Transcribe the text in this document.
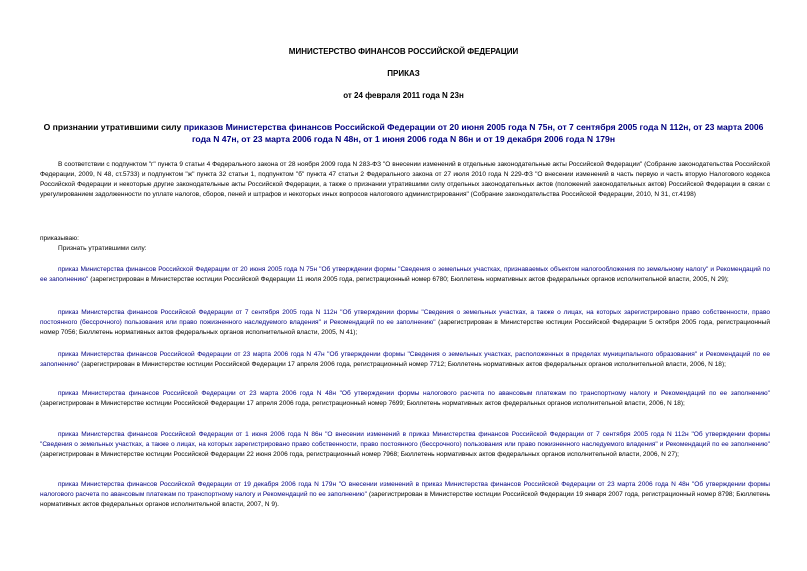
МИНИСТЕРСТВО ФИНАНСОВ РОССИЙСКОЙ ФЕДЕРАЦИИ
ПРИКАЗ
от 24 февраля 2011 года N 23н
О признании утратившими силу приказов Министерства финансов Российской Федерации от 20 июня 2005 года N 75н, от 7 сентября 2005 года N 112н, от 23 марта 2006 года N 47н, от 23 марта 2006 года N 48н, от 1 июня 2006 года N 86н и от 19 декабря 2006 года N 179н
В соответствии с подпунктом "г" пункта 9 статьи 4 Федерального закона от 28 ноября 2009 года N 283-ФЗ "О внесении изменений в отдельные законодательные акты Российской Федерации" (Собрание законодательства Российской Федерации, 2009, N 48, ст.5733) и подпунктом "ж" пункта 32 статьи 1, подпунктом "б" пункта 47 статьи 2 Федерального закона от 27 июля 2010 года N 229-ФЗ "О внесении изменений в часть первую и часть вторую Налогового кодекса Российской Федерации и некоторые другие законодательные акты Российской Федерации, а также о признании утратившими силу отдельных законодательных актов (положений законодательных актов) Российской Федерации в связи с урегулированием задолженности по уплате налогов, сборов, пеней и штрафов и некоторых иных вопросов налогового администрирования" (Собрание законодательства Российской Федерации, 2010, N 31, ст.4198)
приказываю:
Признать утратившими силу:
приказ Министерства финансов Российской Федерации от 20 июня 2005 года N 75н "Об утверждении формы "Сведения о земельных участках, признаваемых объектом налогообложения по земельному налогу" и Рекомендаций по ее заполнению" (зарегистрирован в Министерстве юстиции Российской Федерации 11 июля 2005 года, регистрационный номер 6780; Бюллетень нормативных актов федеральных органов исполнительной власти, 2005, N 29);
приказ Министерства финансов Российской Федерации от 7 сентября 2005 года N 112н "Об утверждении формы "Сведения о земельных участках, а также о лицах, на которых зарегистрировано право собственности, право постоянного (бессрочного) пользования или право пожизненного наследуемого владения" и Рекомендаций по ее заполнению" (зарегистрирован в Министерстве юстиции Российской Федерации 5 октября 2005 года, регистрационный номер 7056; Бюллетень нормативных актов федеральных органов исполнительной власти, 2005, N 41);
приказ Министерства финансов Российской Федерации от 23 марта 2006 года N 47н "Об утверждении формы "Сведения о земельных участках, расположенных в пределах муниципального образования" и Рекомендаций по ее заполнению" (зарегистрирован в Министерстве юстиции Российской Федерации 17 апреля 2006 года, регистрационный номер 7712; Бюллетень нормативных актов федеральных органов исполнительной власти, 2006, N 18);
приказ Министерства финансов Российской Федерации от 23 марта 2006 года N 48н "Об утверждении формы налогового расчета по авансовым платежам по транспортному налогу и Рекомендаций по ее заполнению" (зарегистрирован в Министерстве юстиции Российской Федерации 17 апреля 2006 года, регистрационный номер 7699; Бюллетень нормативных актов федеральных органов исполнительной власти, 2006, N 18);
приказ Министерства финансов Российской Федерации от 1 июня 2006 года N 86н "О внесении изменений в приказ Министерства финансов Российской Федерации от 7 сентября 2005 года N 112н "Об утверждении формы "Сведения о земельных участках, а также о лицах, на которых зарегистрировано право собственности, право постоянного (бессрочного) пользования или право пожизненного наследуемого владения" и Рекомендаций по ее заполнению" (зарегистрирован в Министерстве юстиции Российской Федерации 22 июня 2006 года, регистрационный номер 7968; Бюллетень нормативных актов федеральных органов исполнительной власти, 2006, N 27);
приказ Министерства финансов Российской Федерации от 19 декабря 2006 года N 179н "О внесении изменений в приказ Министерства финансов Российской Федерации от 23 марта 2006 года N 48н "Об утверждении формы налогового расчета по авансовым платежам по транспортному налогу и Рекомендаций по ее заполнению" (зарегистрирован в Министерстве юстиции Российской Федерации 19 января 2007 года, регистрационный номер 8798; Бюллетень нормативных актов федеральных органов исполнительной власти, 2007, N 9).
